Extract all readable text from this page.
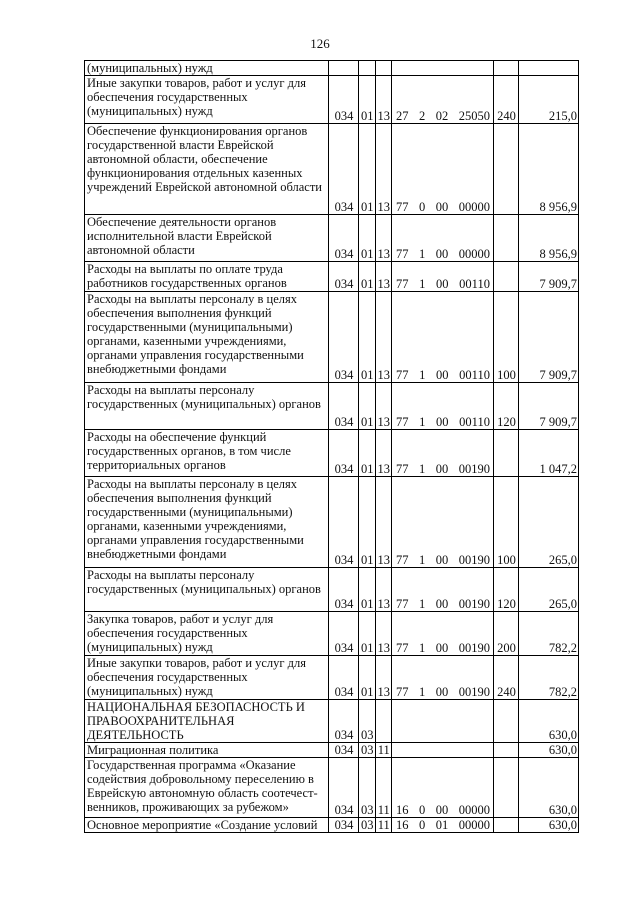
126
(муниципальных) нужд				

Иные закупки товаров, работ и услуг для обеспечения государственных (муниципальных) нужд	034	01	13	27 2 02 25050	240	215,0
Обеспечение функционирования органов государственной власти Еврейской автономной области, обеспечение функционирования отдельных казенных учреждений Еврейской автономной области	034	01	13	77 0 00 00000		8 956,9
Обеспечение деятельности органов исполнительной власти Еврейской автономной области	034	01	13	77 1 00 00000		8 956,9
Расходы на выплаты по оплате труда работников государственных органов	034	01	13	77 1 00 00110		7 909,7
Расходы на выплаты персоналу в целях обеспечения выполнения функций государственными (муниципальными) органами, казенными учреждениями, органами управления государственными внебюджетными фондами	034	01	13	77 1 00 00110	100	7 909,7
Расходы на выплаты персоналу государственных (муниципальных) органов	034	01	13	77 1 00 00110	120	7 909,7
Расходы на обеспечение функций государственных органов, в том числе территориальных органов	034	01	13	77 1 00 00190		1 047,2
Расходы на выплаты персоналу в целях обеспечения выполнения функций государственными (муниципальными) органами, казенными учреждениями, органами управления государственными внебюджетными фондами	034	01	13	77 1 00 00190	100	265,0
Расходы на выплаты персоналу государственных (муниципальных) органов	034	01	13	77 1 00 00190	120	265,0
Закупка товаров, работ и услуг для обеспечения государственных (муниципальных) нужд	034	01	13	77 1 00 00190	200	782,2
Иные закупки товаров, работ и услуг для обеспечения государственных (муниципальных) нужд	034	01	13	77 1 00 00190	240	782,2
НАЦИОНАЛЬНАЯ БЕЗОПАСНОСТЬ И ПРАВООХРАНИТЕЛЬНАЯ ДЕЯТЕЛЬНОСТЬ	034	03				630,0
Миграционная политика	034	03	11			630,0
Государственная программа «Оказание содействия добровольному переселению в Еврейскую автономную область соотечест-венников, проживающих за рубежом»	034	03	11	16 0 00 00000		630,0
Основное мероприятие «Создание условий	034	03	11	16 0 01 00000		630,0
